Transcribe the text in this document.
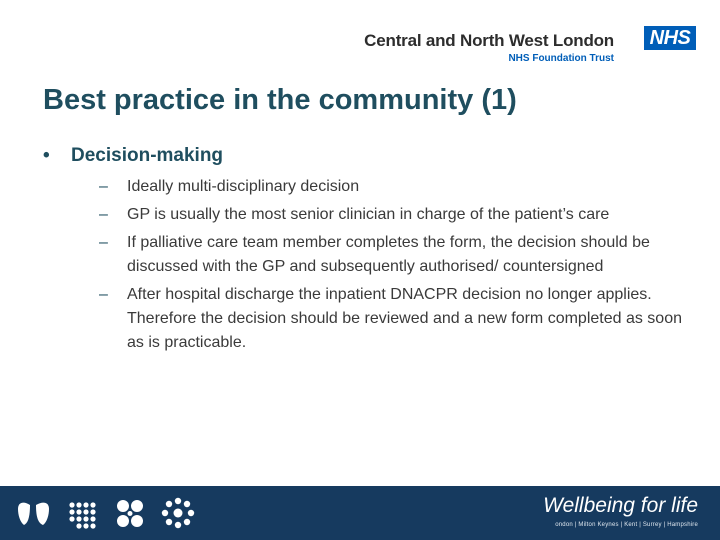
Central and North West London NHS
NHS Foundation Trust
Best practice in the community (1)
•	Decision-making
– Ideally multi-disciplinary decision
– GP is usually the most senior clinician in charge of the patient’s care
– If palliative care team member completes the form, the decision should be discussed with the GP and subsequently authorised/ countersigned
– After hospital discharge the inpatient DNACPR decision no longer applies. Therefore the decision should be reviewed and a new form completed as soon as is practicable.
Wellbeing for life
ondon | Milton Keynes | Kent | Surrey | Hampshire
